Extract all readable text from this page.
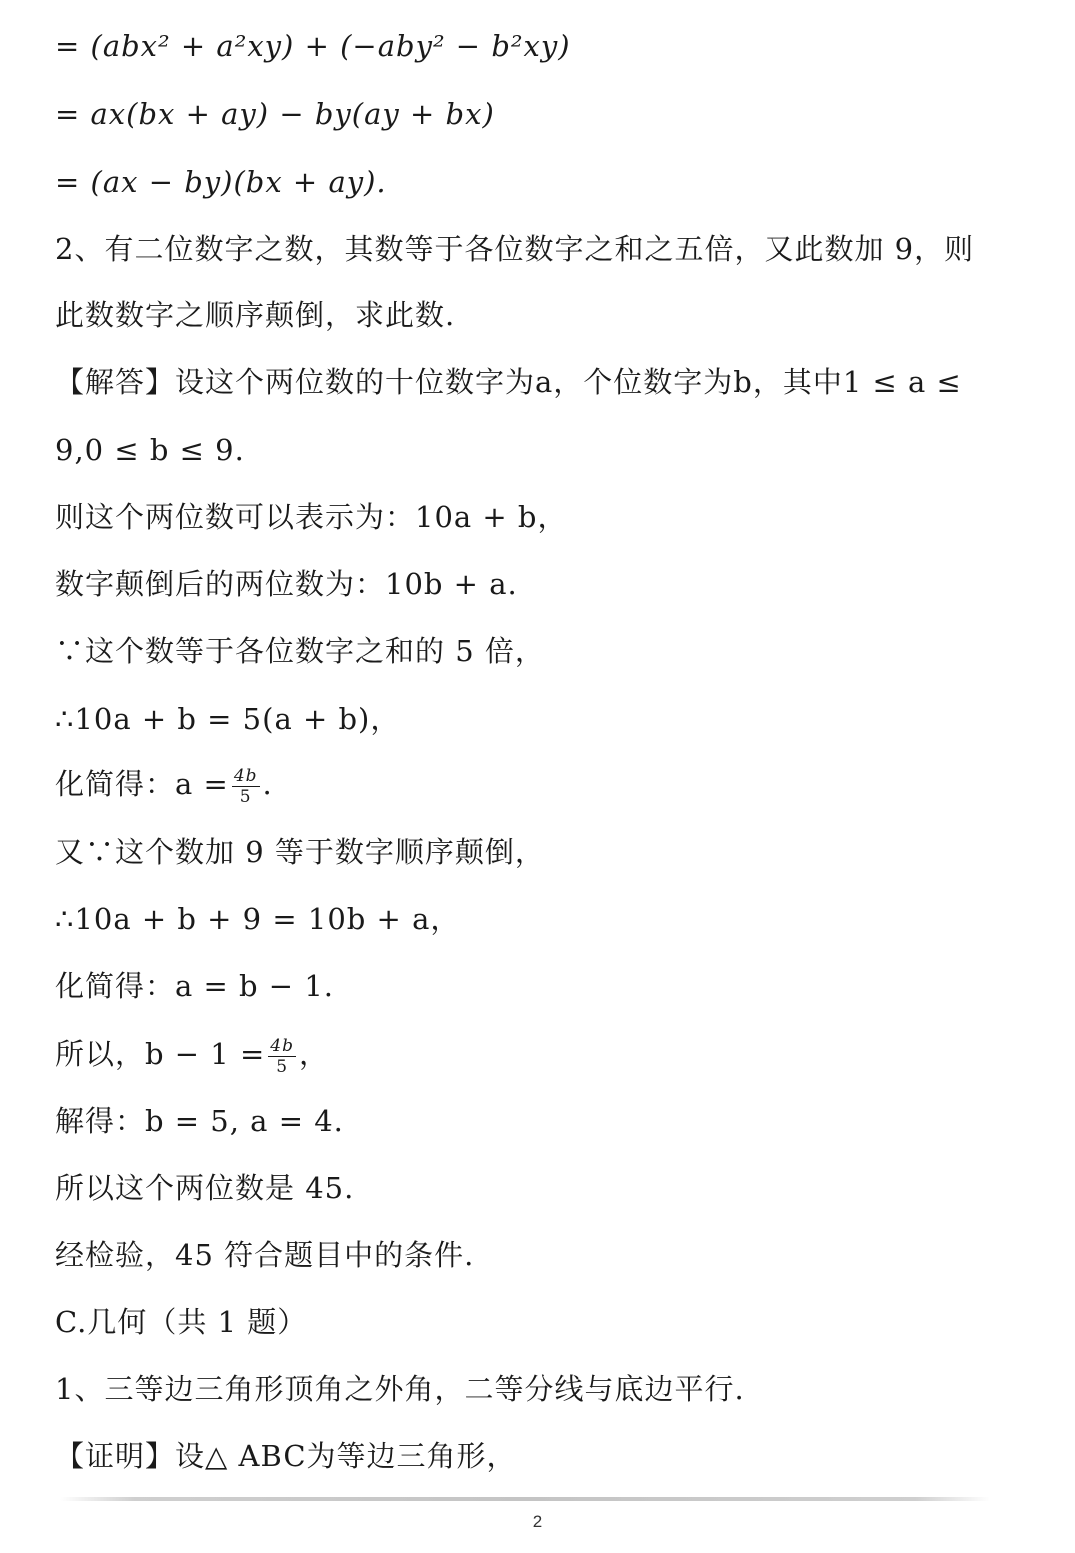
= (abx² + a²xy) + (−aby² − b²xy)
= ax(bx + ay) − by(ay + bx)
= (ax − by)(bx + ay).
2、有二位数字之数，其数等于各位数字之和之五倍，又此数加 9，则
此数数字之顺序颠倒，求此数.
【解答】设这个两位数的十位数字为a，个位数字为b，其中1 ≤ a ≤
9,0 ≤ b ≤ 9.
则这个两位数可以表示为：10a + b，
数字颠倒后的两位数为：10b + a.
∵这个数等于各位数字之和的 5 倍，
∴10a + b = 5(a + b)，
化简得：$a = \frac{4b}{5}$ .
又∵这个数加 9 等于数字顺序颠倒，
∴10a + b + 9 = 10b + a，
化简得：a = b − 1.
所以，$b - 1 = \frac{4b}{5}$ ，
解得：b = 5, a = 4.
所以这个两位数是 45.
经检验，45 符合题目中的条件.
C.几何（共 1 题）
1、三等边三角形顶角之外角，二等分线与底边平行.
【证明】设△ ABC为等边三角形，
2
